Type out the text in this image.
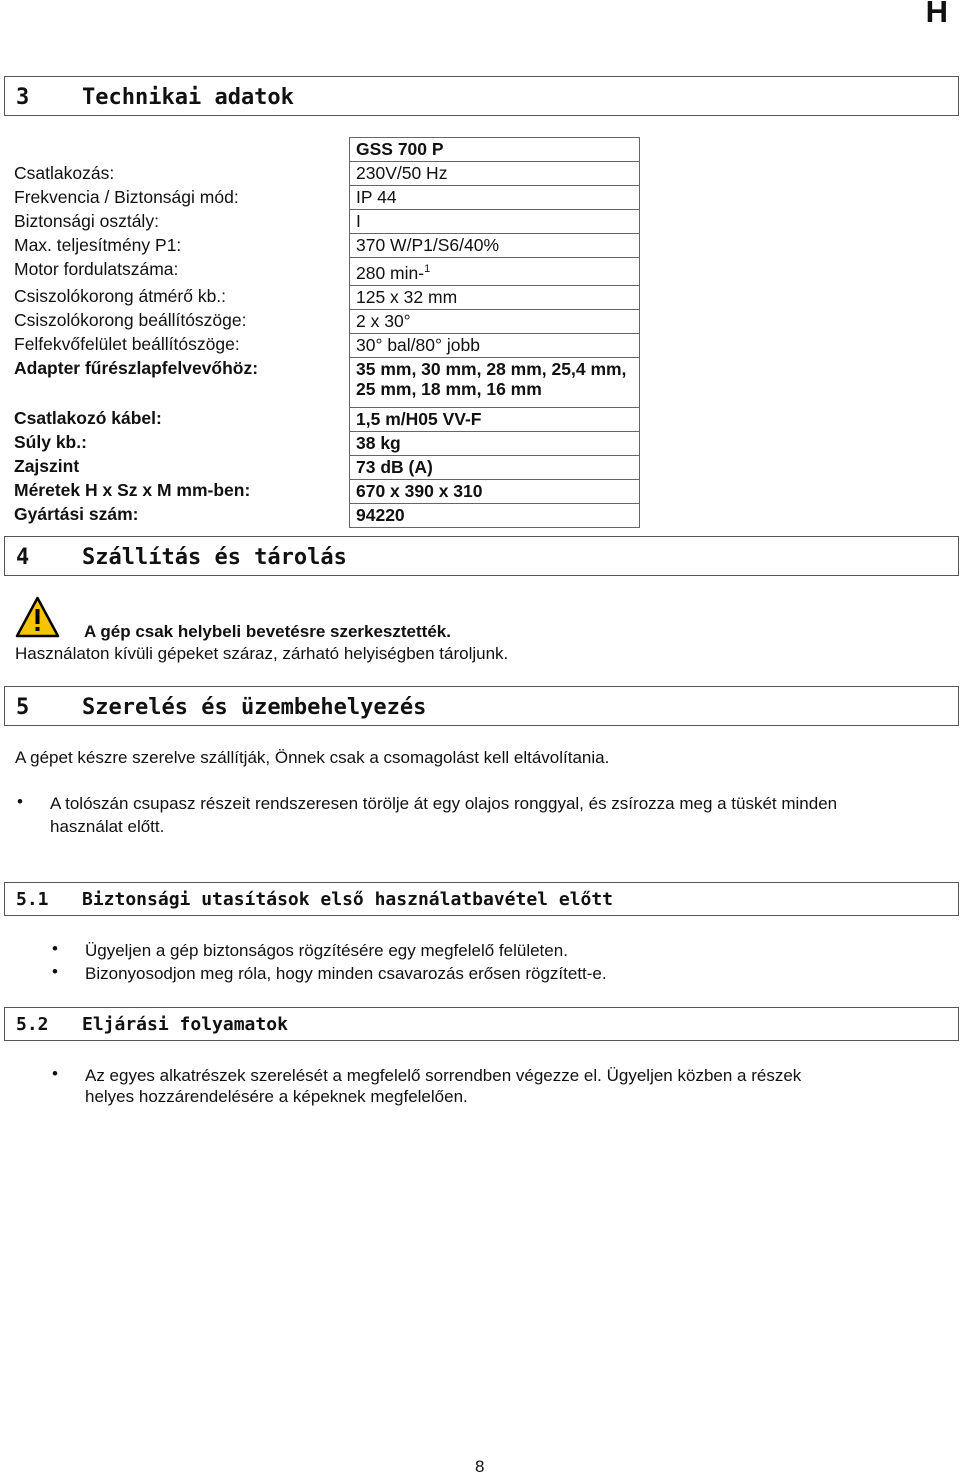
H
3 Technikai adatok
	GSS 700 P
Csatlakozás:	230V/50 Hz
Frekvencia / Biztonsági mód:	IP 44
Biztonsági osztály:	I
Max. teljesítmény P1:	370 W/P1/S6/40%
Motor fordulatszáma:	280 min-$^1$
Csiszolókorong átmérő kb.:	125 x 32 mm
Csiszolókorong beállítószöge:	2 x 30°
Felfekvőfelület beállítószöge:	30° bal/80° jobb
Adapter fűrészlapfelvevőhöz:	35 mm, 30 mm, 28 mm, 25,4 mm, 25 mm, 18 mm, 16 mm
Csatlakozó kábel:	1,5 m/H05 VV-F
Súly kb.:	38 kg
Zajszint	73 dB (A)
Méretek H x Sz x M mm-ben:	670 x 390 x 310
Gyártási szám:	94220
4 Szállítás és tárolás
A gép csak helybeli bevetésre szerkesztették.
Használaton kívüli gépeket száraz, zárható helyiségben tároljunk.
5 Szerelés és üzembehelyezés
A gépet készre szerelve szállítják, Önnek csak a csomagolást kell eltávolítania.
• A tolószán csupasz részeit rendszeresen törölje át egy olajos ronggyal, és zsírozza meg a tüskét minden
használat előtt.
5.1 Biztonsági utasítások első használatbavétel előtt
• Ügyeljen a gép biztonságos rögzítésére egy megfelelő felületen.
• Bizonyosodjon meg róla, hogy minden csavarozás erősen rögzített-e.
5.2 Eljárási folyamatok
• Az egyes alkatrészek szerelését a megfelelő sorrendben végezze el. Ügyeljen közben a részek
helyes hozzárendelésére a képeknek megfelelően.
8
